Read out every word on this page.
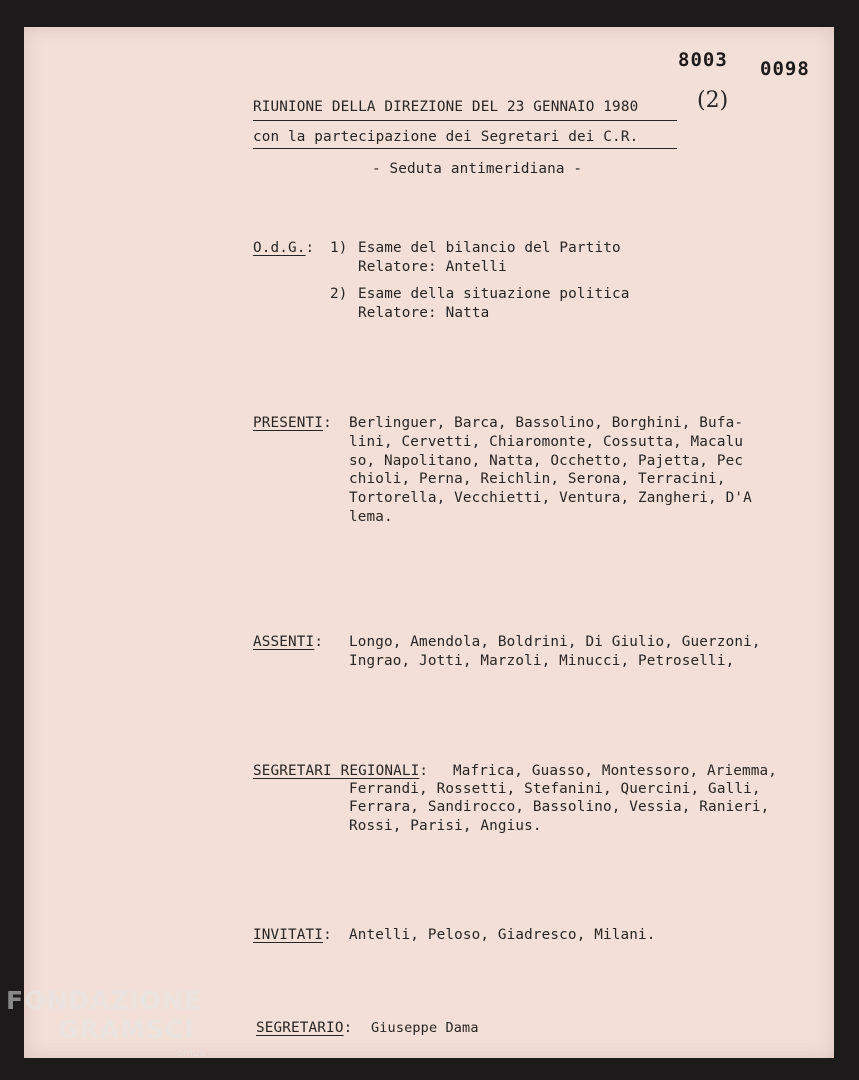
8003 0098
(2)
RIUNIONE DELLA DIREZIONE DEL 23 GENNAIO 1980
con la partecipazione dei Segretari dei C.R.
- Seduta antimeridiana -
O.d.G.: 1) Esame del bilancio del Partito
Relatore: Antelli
2) Esame della situazione politica
Relatore: Natta
PRESENTI: Berlinguer, Barca, Bassolino, Borghini, Bufa-
lini, Cervetti, Chiaromonte, Cossutta, Macalu
so, Napolitano, Natta, Occhetto, Pajetta, Pec
chioli, Perna, Reichlin, Serona, Terracini,
Tortorella, Vecchietti, Ventura, Zangheri, D'A
lema.
ASSENTI: Longo, Amendola, Boldrini, Di Giulio, Guerzoni,
Ingrao, Jotti, Marzoli, Minucci, Petroselli,
SEGRETARI REGIONALI: Mafrica, Guasso, Montessoro, Ariemma,
Ferrandi, Rossetti, Stefanini, Quercini, Galli,
Ferrara, Sandirocco, Bassolino, Vessia, Ranieri,
Rossi, Parisi, Angius.
INVITATI: Antelli, Peloso, Giadresco, Milani.
SEGRETARIO: Giuseppe Dama
FONDAZIONE
GRAMSCI
onlus
